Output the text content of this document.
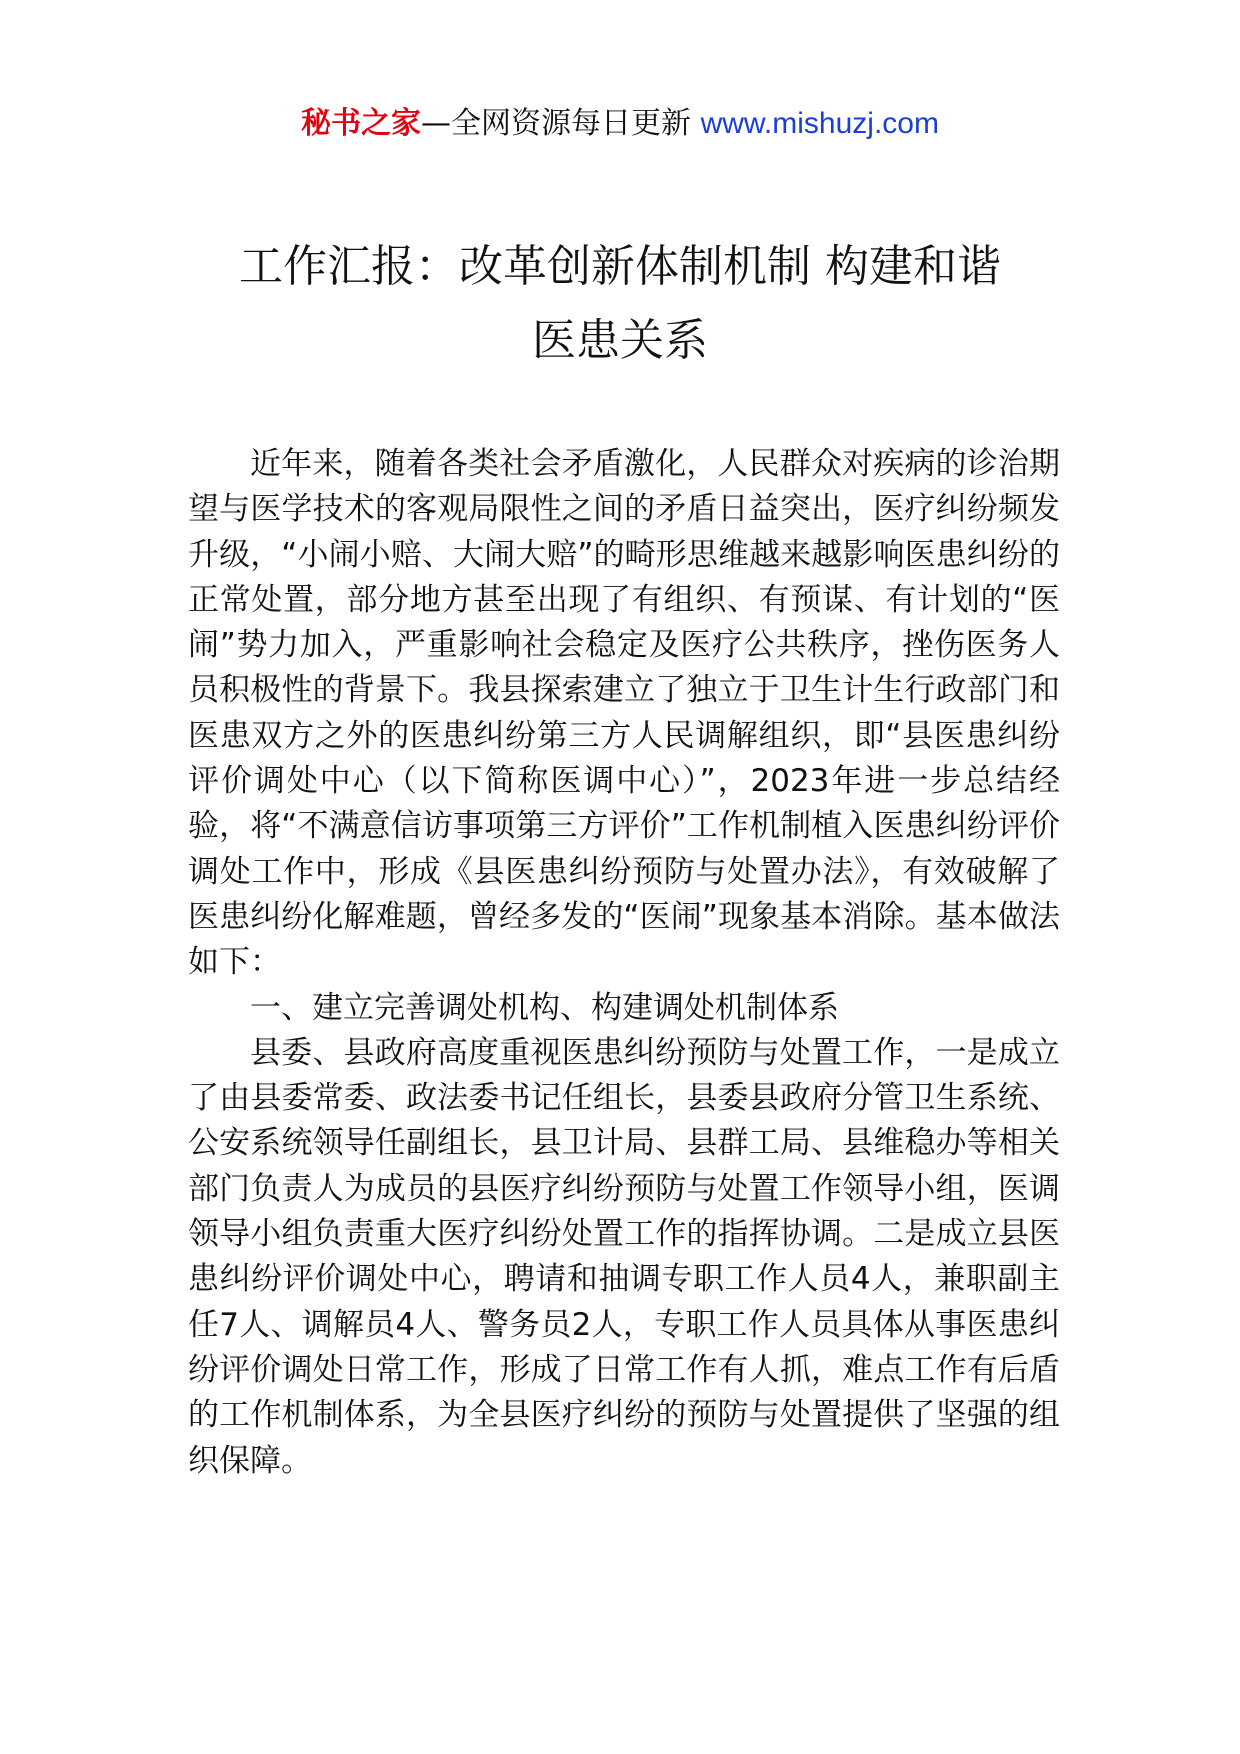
秘书之家—全网资源每日更新 www.mishuzj.com
工作汇报：改革创新体制机制 构建和谐
医患关系

近年来，随着各类社会矛盾激化，人民群众对疾病的诊治期望与医学技术的客观局限性之间的矛盾日益突出，医疗纠纷频发升级，“小闹小赔、大闹大赔”的畸形思维越来越影响医患纠纷的正常处置，部分地方甚至出现了有组织、有预谋、有计划的“医闹”势力加入，严重影响社会稳定及医疗公共秩序，挫伤医务人员积极性的背景下。我县探索建立了独立于卫生计生行政部门和医患双方之外的医患纠纷第三方人民调解组织，即“县医患纠纷评价调处中心（以下简称医调中心）”，2023年进一步总结经验，将“不满意信访事项第三方评价”工作机制植入医患纠纷评价调处工作中，形成《县医患纠纷预防与处置办法》，有效破解了医患纠纷化解难题，曾经多发的“医闹”现象基本消除。基本做法如下：

一、建立完善调处机构、构建调处机制体系

县委、县政府高度重视医患纠纷预防与处置工作，一是成立了由县委常委、政法委书记任组长，县委县政府分管卫生系统、公安系统领导任副组长，县卫计局、县群工局、县维稳办等相关部门负责人为成员的县医疗纠纷预防与处置工作领导小组，医调领导小组负责重大医疗纠纷处置工作的指挥协调。二是成立县医患纠纷评价调处中心，聘请和抽调专职工作人员4人，兼职副主任7人、调解员4人、警务员2人，专职工作人员具体从事医患纠纷评价调处日常工作，形成了日常工作有人抓，难点工作有后盾的工作机制体系，为全县医疗纠纷的预防与处置提供了坚强的组织保障。
